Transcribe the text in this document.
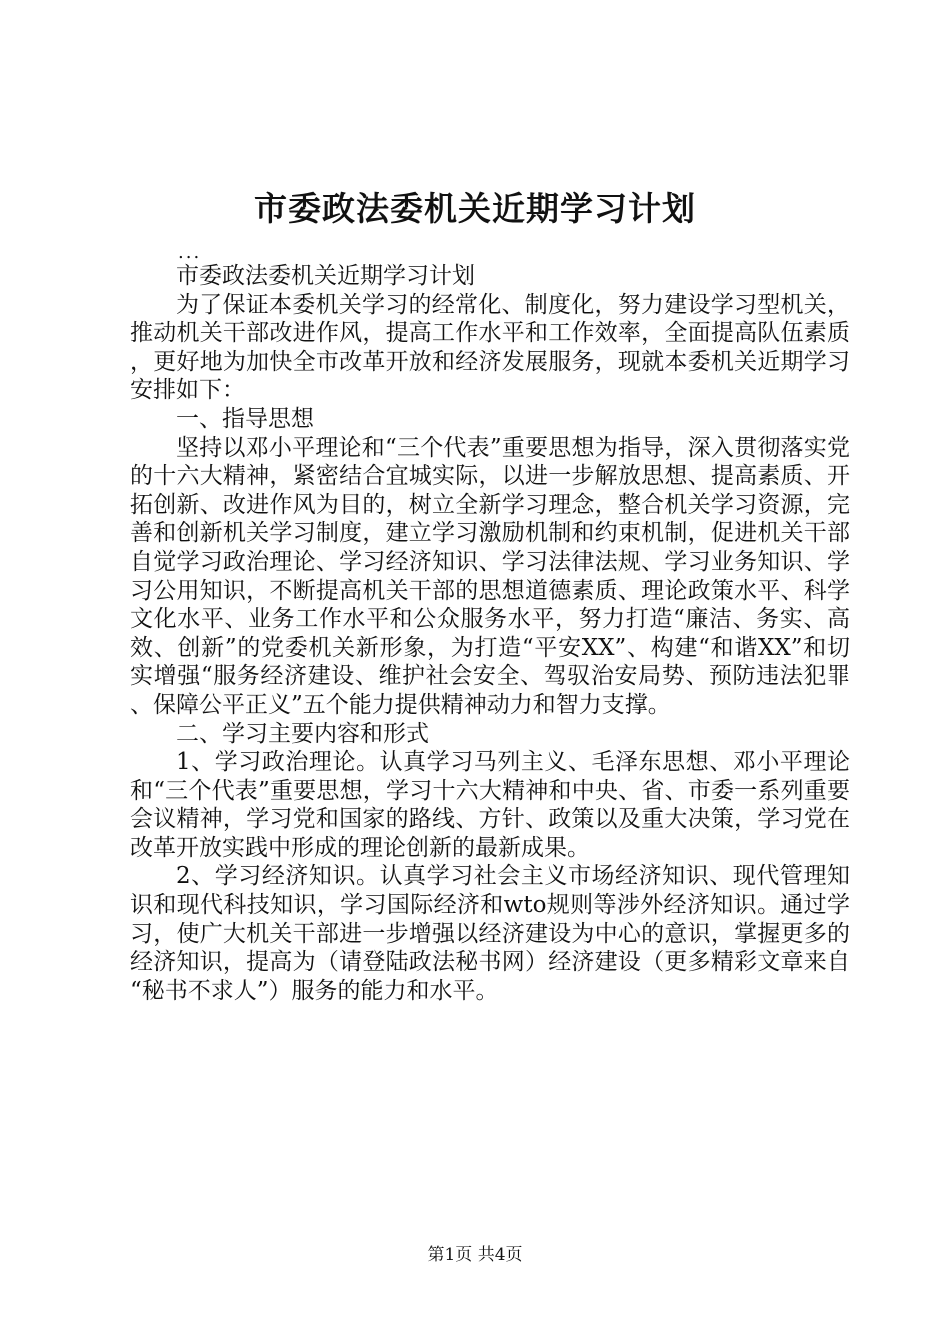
市委政法委机关近期学习计划
...

市委政法委机关近期学习计划

为了保证本委机关学习的经常化、制度化，努力建设学习型机关，推动机关干部改进作风，提高工作水平和工作效率，全面提高队伍素质，更好地为加快全市改革开放和经济发展服务，现就本委机关近期学习安排如下：

一、指导思想

坚持以邓小平理论和“三个代表”重要思想为指导，深入贯彻落实党的十六大精神，紧密结合宜城实际，以进一步解放思想、提高素质、开拓创新、改进作风为目的，树立全新学习理念，整合机关学习资源，完善和创新机关学习制度，建立学习激励机制和约束机制，促进机关干部自觉学习政治理论、学习经济知识、学习法律法规、学习业务知识、学习公用知识，不断提高机关干部的思想道德素质、理论政策水平、科学文化水平、业务工作水平和公众服务水平，努力打造“廉洁、务实、高效、创新”的党委机关新形象，为打造“平安XX”、构建“和谐XX”和切实增强“服务经济建设、维护社会安全、驾驭治安局势、预防违法犯罪、保障公平正义”五个能力提供精神动力和智力支撑。

二、学习主要内容和形式

1、学习政治理论。认真学习马列主义、毛泽东思想、邓小平理论和“三个代表”重要思想，学习十六大精神和中央、省、市委一系列重要会议精神，学习党和国家的路线、方针、政策以及重大决策，学习党在改革开放实践中形成的理论创新的最新成果。

2、学习经济知识。认真学习社会主义市场经济知识、现代管理知识和现代科技知识，学习国际经济和wto规则等涉外经济知识。通过学习，使广大机关干部进一步增强以经济建设为中心的意识，掌握更多的经济知识，提高为（请登陆政法秘书网）经济建设（更多精彩文章来自“秘书不求人”）服务的能力和水平。

第1页 共4页
